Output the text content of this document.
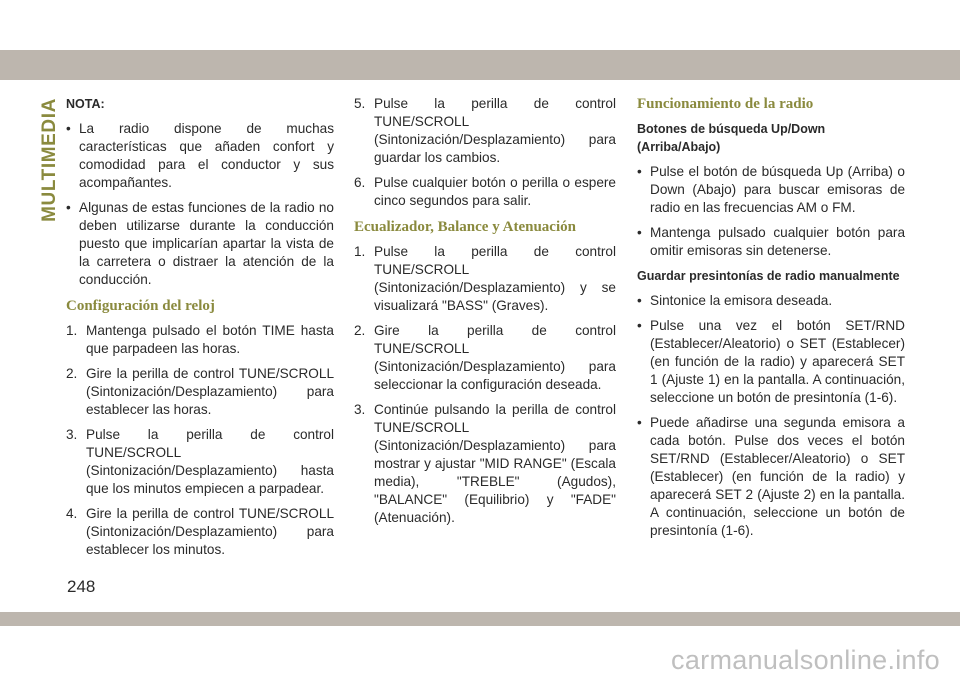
MULTIMEDIA NOTA:
• La radio dispone de muchas características que añaden confort y comodidad para el conductor y sus acompañantes.
• Algunas de estas funciones de la radio no deben utilizarse durante la conducción puesto que implicarían apartar la vista de la carretera o distraer la atención de la conducción.
Configuración del reloj
1. Mantenga pulsado el botón TIME hasta que parpadeen las horas.
2. Gire la perilla de control TUNE/SCROLL (Sintonización/Desplazamiento) para establecer las horas.
3. Pulse la perilla de control TUNE/SCROLL (Sintonización/Desplazamiento) hasta que los minutos empiecen a parpadear.
4. Gire la perilla de control TUNE/SCROLL (Sintonización/Desplazamiento) para establecer los minutos.
5. Pulse la perilla de control TUNE/SCROLL (Sintonización/Desplazamiento) para guardar los cambios.
6. Pulse cualquier botón o perilla o espere cinco segundos para salir.
Ecualizador, Balance y Atenuación
1. Pulse la perilla de control TUNE/SCROLL (Sintonización/Desplazamiento) y se visualizará "BASS" (Graves).
2. Gire la perilla de control TUNE/SCROLL (Sintonización/Desplazamiento) para seleccionar la configuración deseada.
3. Continúe pulsando la perilla de control TUNE/SCROLL (Sintonización/Desplazamiento) para mostrar y ajustar "MID RANGE" (Escala media), "TREBLE" (Agudos), "BALANCE" (Equilibrio) y "FADE" (Atenuación).
Funcionamiento de la radio
Botones de búsqueda Up/Down (Arriba/Abajo)
• Pulse el botón de búsqueda Up (Arriba) o Down (Abajo) para buscar emisoras de radio en las frecuencias AM o FM.
• Mantenga pulsado cualquier botón para omitir emisoras sin detenerse.
Guardar presintonías de radio manualmente
• Sintonice la emisora deseada.
• Pulse una vez el botón SET/RND (Establecer/Aleatorio) o SET (Establecer) (en función de la radio) y aparecerá SET 1 (Ajuste 1) en la pantalla. A continuación, seleccione un botón de presintonía (1-6).
• Puede añadirse una segunda emisora a cada botón. Pulse dos veces el botón SET/RND (Establecer/Aleatorio) o SET (Establecer) (en función de la radio) y aparecerá SET 2 (Ajuste 2) en la pantalla. A continuación, seleccione un botón de presintonía (1-6).
248
carmanualsonline.info
